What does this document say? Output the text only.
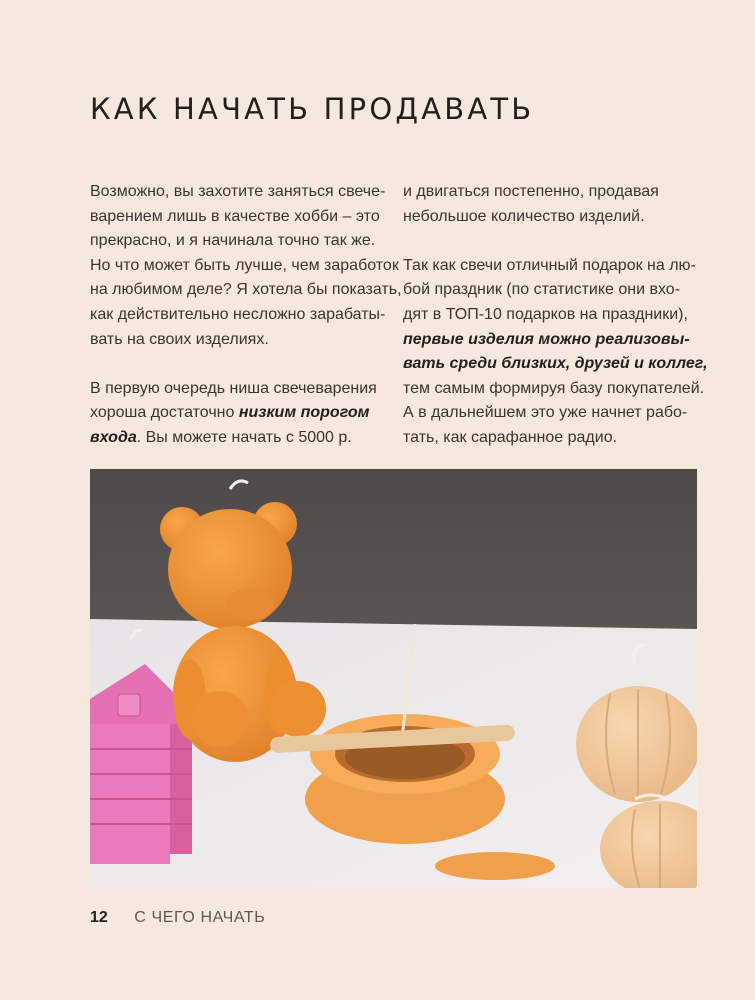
КАК НАЧАТЬ ПРОДАВАТЬ

Возможно, вы захотите заняться свече-
варением лишь в качестве хобби – это
прекрасно, и я начинала точно так же.
Но что может быть лучше, чем заработок
на любимом деле? Я хотела бы показать,
как действительно несложно зарабаты-
вать на своих изделиях.

В первую очередь ниша свечеварения
хороша достаточно низким порогом
входа. Вы можете начать с 5000 р.

и двигаться постепенно, продавая
небольшое количество изделий.

Так как свечи отличный подарок на лю-
бой праздник (по статистике они вхо-
дят в ТОП-10 подарков на праздники),
первые изделия можно реализовы-
вать среди близких, друзей и коллег,
тем самым формируя базу покупателей.
А в дальнейшем это уже начнет рабо-
тать, как сарафанное радио.

12 С ЧЕГО НАЧАТЬ
